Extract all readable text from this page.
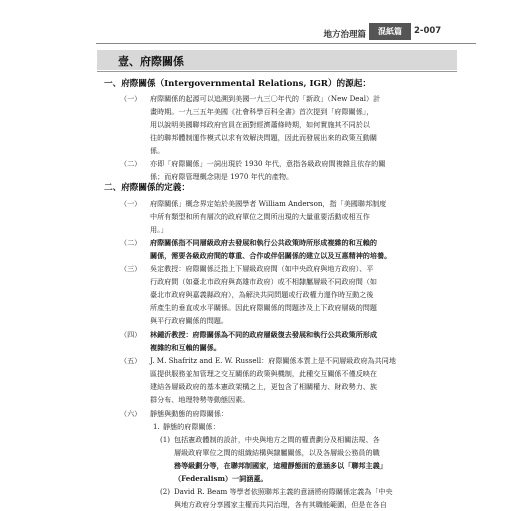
地方治理篇	混紙篇	2-007
壹、府際關係
一、府際關係（Intergovernmental Relations, IGR）的源起：
（一） 府際關係的起源可以追溯到美國一九三〇年代的「新政」（New Deal）計
畫時期。一九三五年美國《社會科學百科全書》首次提到「府際關係」，
用以說明美國聯邦政府官員在面對經濟蕭條時期，如何實施其不同於以
往的聯邦體制運作模式以求有效解決問題，因此而發展出來的政策互動關
係。
（二） 亦即「府際關係」一詞出現於 1930 年代，意指各級政府間複雜且依存的關
係；而府際管理概念則是 1970 年代的產物。
二、府際關係的定義：
（一） 府際關係」概念界定始於美國學者 William Anderson，指「美國聯邦制度
中所有類型和所有層次的政府單位之間所出現的大量重要活動或相互作
用。」
（二） 府際關係指不同層級政府去發展和執行公共政策時所形成複雜的和互賴的
關係，需要各級政府間的尊重、合作或伴侶關係的建立以及互惠精神的培養。
（三） 吳定教授：府際關係泛指上下層級政府間（如中央政府與地方政府）、平
行政府間（如臺北市政府與高雄市政府）或不相隸屬層級不同政府間（如
臺北市政府與嘉義縣政府），為解決共同問題或行政權力運作時互動之後
所產生的垂直或水平關係。因此府際關係的問題涉及上下政府層級的問題
與平行政府關係的問題。
（四） 林鍾沂教授：府際關係為不同的政府層級復去發展和執行公共政策所形成
複雜的和互賴的關係。
（五） J. M. Shafritz and E. W. Russell：府際關係本質上是不同層級政府為共同地
區提供服務並加管理之交互關係的政策與機制，此種交互關係不僅反映在
建結各層級政府的基本憲政架構之上，更包含了相關權力、財政勢力、族
群分布、地理特勢等動態因素。
（六） 靜態與動態的府際關係：
1. 靜態的府際關係：
(1) 包括憲政體制的設計，中央與地方之間的權責劃分及相關法規、各
層級政府單位之間的組織結構與隸屬關係，以及各層級公務員的職
務等級劃分等，在聯邦制國家，這種靜態面的意涵多以「聯邦主義」
（Federalism）一詞涵蓋。
(2) David R. Beam 等學者依照聯邦主義的意涵將府際關係定義為「中央
與地方政府分享國家主權而共同治理，各有其職能範圍，但是在各自
